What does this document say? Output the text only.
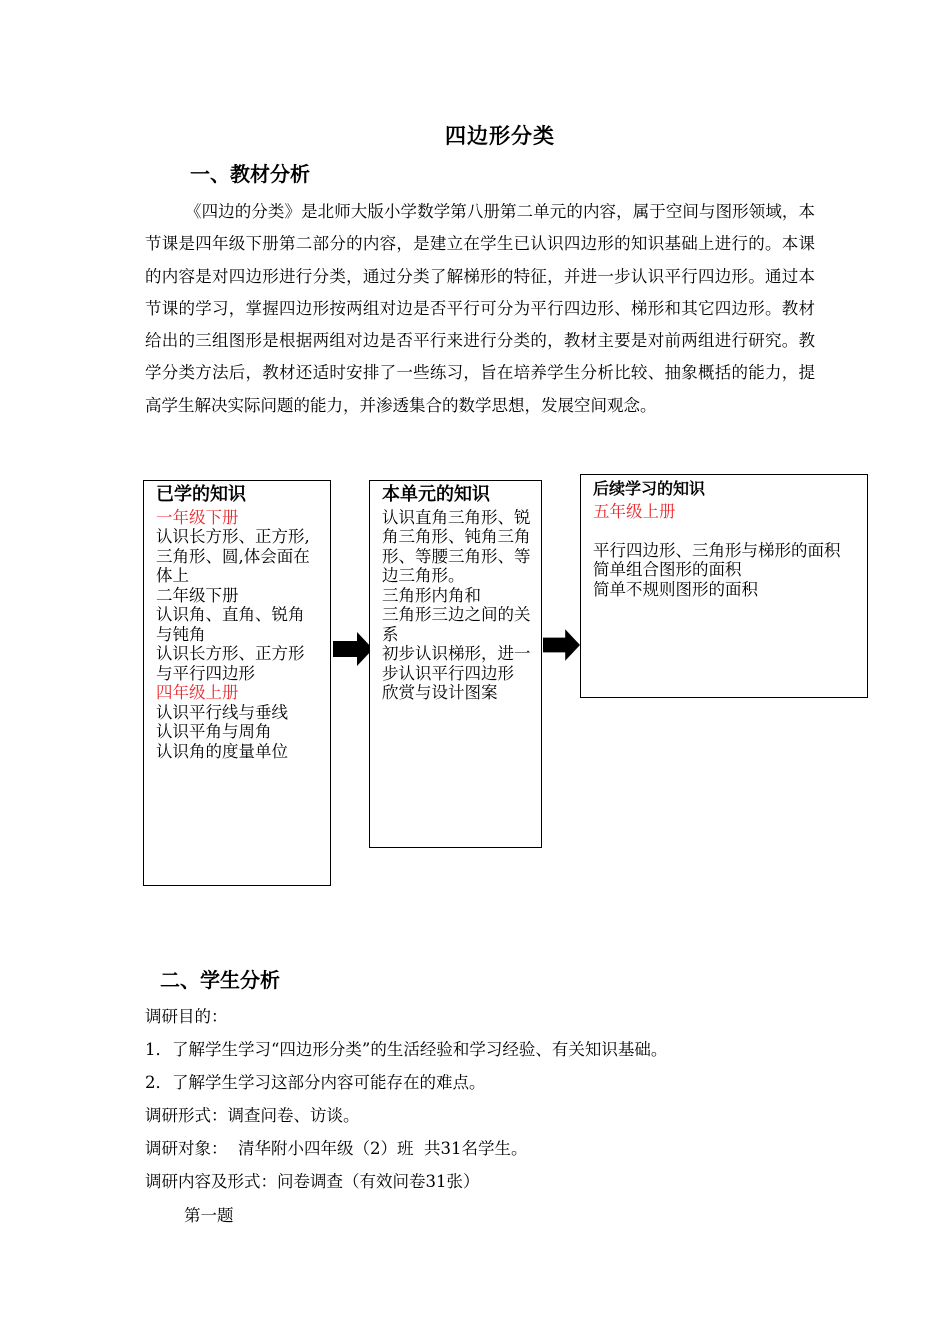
四边形分类
一、教材分析
《四边的分类》是北师大版小学数学第八册第二单元的内容，属于空间与图形领域，本节课是四年级下册第二部分的内容，是建立在学生已认识四边形的知识基础上进行的。本课的内容是对四边形进行分类，通过分类了解梯形的特征，并进一步认识平行四边形。通过本节课的学习，掌握四边形按两组对边是否平行可分为平行四边形、梯形和其它四边形。教材给出的三组图形是根据两组对边是否平行来进行分类的，教材主要是对前两组进行研究。教学分类方法后，教材还适时安排了一些练习，旨在培养学生分析比较、抽象概括的能力，提高学生解决实际问题的能力，并渗透集合的数学思想，发展空间观念。
已学的知识
一年级下册
认识长方形、正方形,三角形、圆,体会面在体上
二年级下册
认识角、直角、锐角与钝角
认识长方形、正方形与平行四边形
四年级上册
认识平行线与垂线
认识平角与周角
认识角的度量单位
本单元的知识
认识直角三角形、锐角三角形、钝角三角形、等腰三角形、等边三角形。
三角形内角和
三角形三边之间的关系
初步认识梯形，进一步认识平行四边形
欣赏与设计图案
后续学习的知识
五年级上册
平行四边形、三角形与梯形的面积
简单组合图形的面积
简单不规则图形的面积
二、学生分析
调研目的：
1．了解学生学习“四边形分类”的生活经验和学习经验、有关知识基础。
2．了解学生学习这部分内容可能存在的难点。
调研形式：调查问卷、访谈。
调研对象：  清华附小四年级（2）班  共31名学生。
调研内容及形式：问卷调查（有效问卷31张）
第一题
